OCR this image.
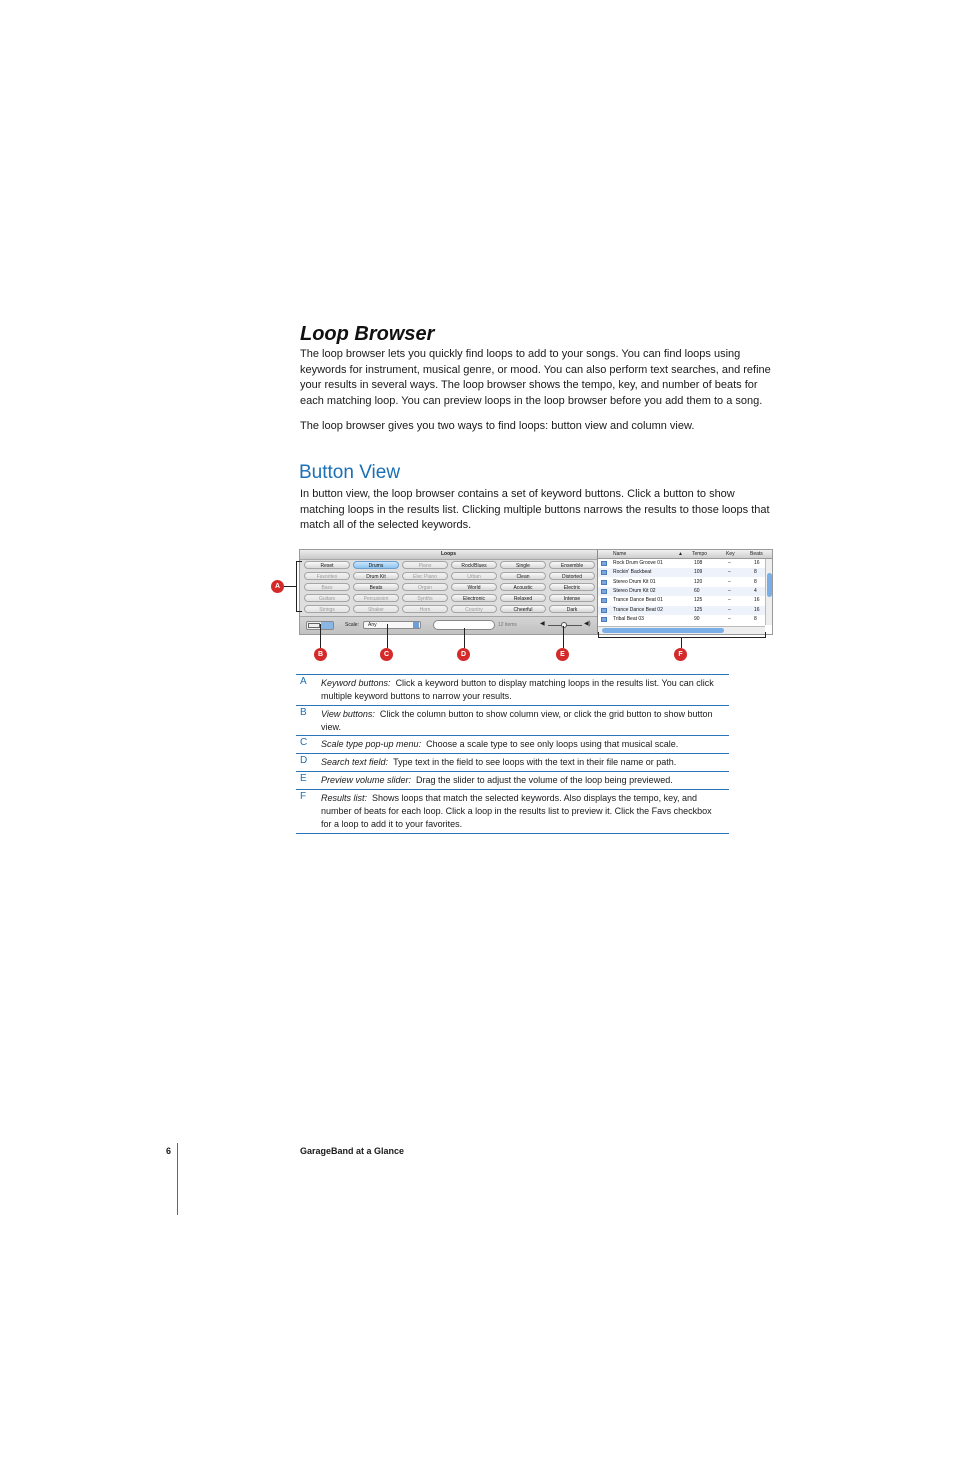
Loop Browser

The loop browser lets you quickly find loops to add to your songs. You can find loops using keywords for instrument, musical genre, or mood. You can also perform text searches, and refine your results in several ways. The loop browser shows the tempo, key, and number of beats for each matching loop. You can preview loops in the loop browser before you add them to a song.

The loop browser gives you two ways to find loops: button view and column view.

Button View

In button view, the loop browser contains a set of keyword buttons. Click a button to show matching loops in the results list. Clicking multiple buttons narrows the results to those loops that match all of the selected keywords.

Loops
Reset	Drums	Piano	Rock/Blues	Single	Ensemble
Favorites	Drum Kit	Elec Piano	Urban	Clean	Distorted
Bass	Beats	Organ	World	Acoustic	Electric
Guitars	Percussion	Synths	Electronic	Relaxed	Intense
Strings	Shaker	Horn	Country	Cheerful	Dark
Scale: Any	12 items	◀	◀)
Name	▲ Tempo	Key	Beats
Rock Drum Groove 01	108	–	16
Rockin' Backbeat	109	–	8
Stereo Drum Kit 01	120	–	8
Stereo Drum Kit 02	60	–	4
Trance Dance Beat 01	125	–	16
Trance Dance Beat 02	125	–	16
Tribal Beat 03	90	–	8
A
B	C	D	E	F
A Keyword buttons: Click a keyword button to display matching loops in the results list. You can click multiple keyword buttons to narrow your results.
B View buttons: Click the column button to show column view, or click the grid button to show button view.
C Scale type pop-up menu: Choose a scale type to see only loops using that musical scale.
D Search text field: Type text in the field to see loops with the text in their file name or path.
E Preview volume slider: Drag the slider to adjust the volume of the loop being previewed.
F Results list: Shows loops that match the selected keywords. Also displays the tempo, key, and number of beats for each loop. Click a loop in the results list to preview it. Click the Favs checkbox for a loop to add it to your favorites.
6	GarageBand at a Glance
